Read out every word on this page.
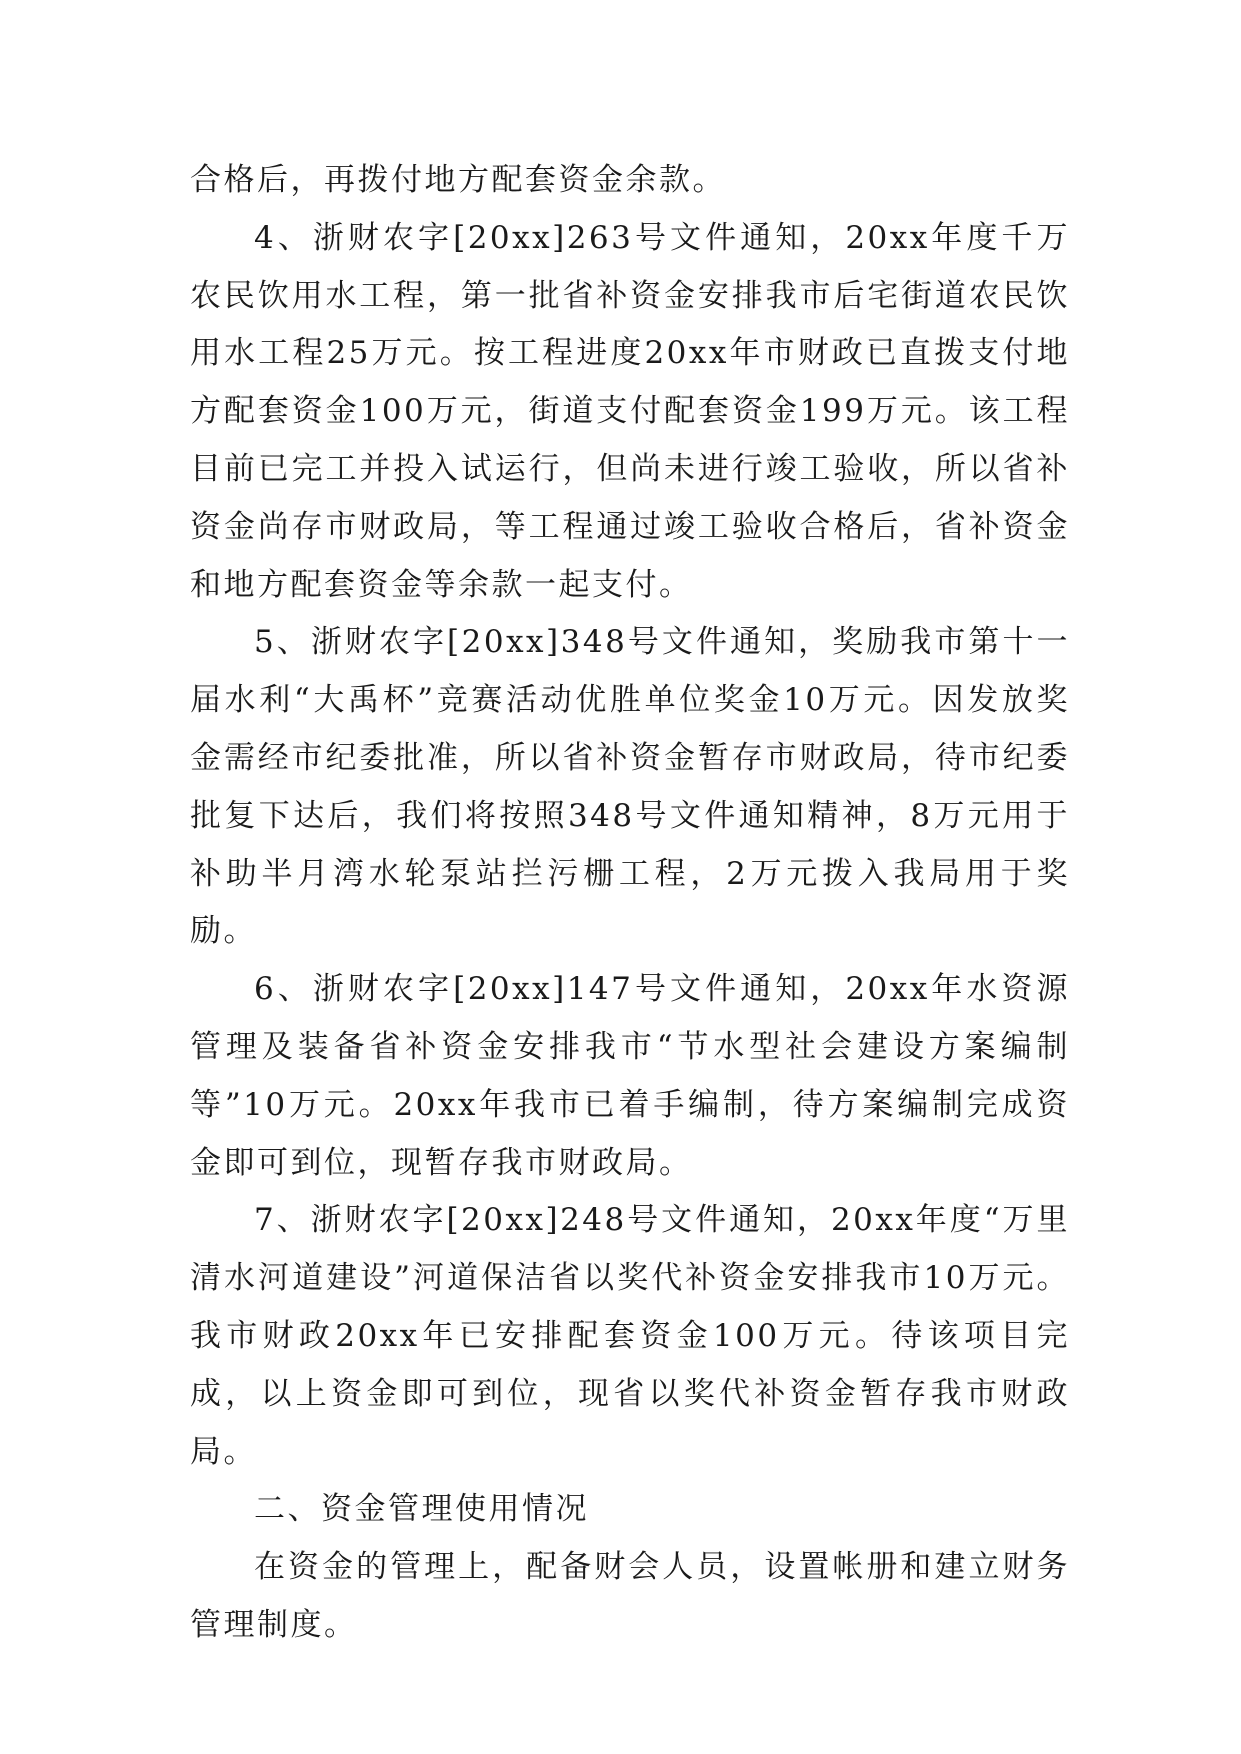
合格后，再拨付地方配套资金余款。

4、浙财农字[20xx]263号文件通知，20xx年度千万农民饮用水工程，第一批省补资金安排我市后宅街道农民饮用水工程25万元。按工程进度20xx年市财政已直拨支付地方配套资金100万元，街道支付配套资金199万元。该工程目前已完工并投入试运行，但尚未进行竣工验收，所以省补资金尚存市财政局，等工程通过竣工验收合格后，省补资金和地方配套资金等余款一起支付。

5、浙财农字[20xx]348号文件通知，奖励我市第十一届水利“大禹杯”竞赛活动优胜单位奖金10万元。因发放奖金需经市纪委批准，所以省补资金暂存市财政局，待市纪委批复下达后，我们将按照348号文件通知精神，8万元用于补助半月湾水轮泵站拦污栅工程，2万元拨入我局用于奖励。

6、浙财农字[20xx]147号文件通知，20xx年水资源管理及装备省补资金安排我市“节水型社会建设方案编制等”10万元。20xx年我市已着手编制，待方案编制完成资金即可到位，现暂存我市财政局。

7、浙财农字[20xx]248号文件通知，20xx年度“万里清水河道建设”河道保洁省以奖代补资金安排我市10万元。我市财政20xx年已安排配套资金100万元。待该项目完成，以上资金即可到位，现省以奖代补资金暂存我市财政局。

二、资金管理使用情况

在资金的管理上，配备财会人员，设置帐册和建立财务管理制度。
